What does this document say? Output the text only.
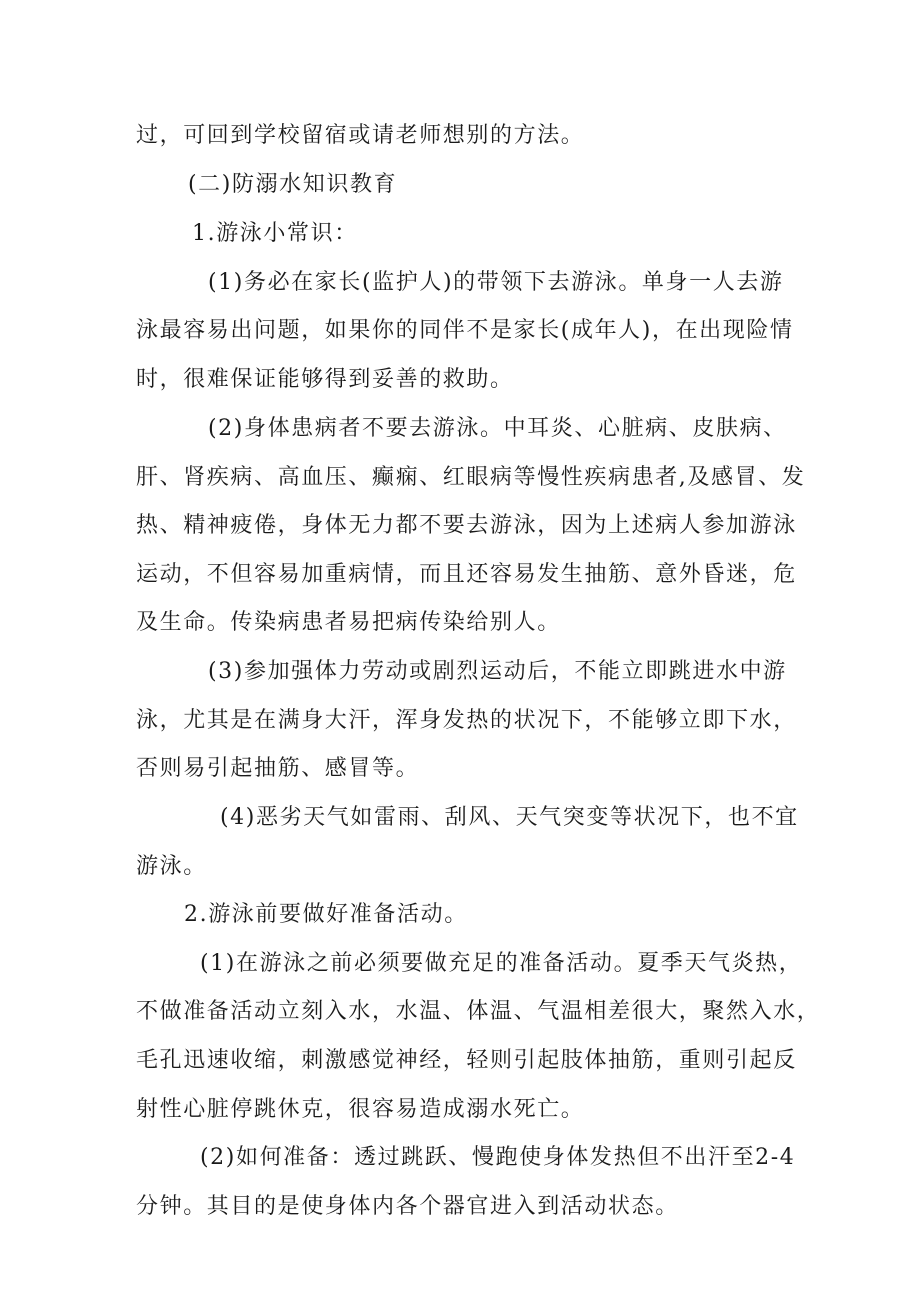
过，可回到学校留宿或请老师想别的方法。
(二)防溺水知识教育
1.游泳小常识：
(1)务必在家长(监护人)的带领下去游泳。单身一人去游
泳最容易出问题，如果你的同伴不是家长(成年人)，在出现险情
时，很难保证能够得到妥善的救助。
(2)身体患病者不要去游泳。中耳炎、心脏病、皮肤病、
肝、肾疾病、高血压、癫痫、红眼病等慢性疾病患者,及感冒、发
热、精神疲倦，身体无力都不要去游泳，因为上述病人参加游泳
运动，不但容易加重病情，而且还容易发生抽筋、意外昏迷，危
及生命。传染病患者易把病传染给别人。
(3)参加强体力劳动或剧烈运动后，不能立即跳进水中游
泳，尤其是在满身大汗，浑身发热的状况下，不能够立即下水，
否则易引起抽筋、感冒等。
(4)恶劣天气如雷雨、刮风、天气突变等状况下，也不宜
游泳。
2.游泳前要做好准备活动。
(1)在游泳之前必须要做充足的准备活动。夏季天气炎热，
不做准备活动立刻入水，水温、体温、气温相差很大，聚然入水，
毛孔迅速收缩，刺激感觉神经，轻则引起肢体抽筋，重则引起反
射性心脏停跳休克，很容易造成溺水死亡。
(2)如何准备：透过跳跃、慢跑使身体发热但不出汗至2-4
分钟。其目的是使身体内各个器官进入到活动状态。
